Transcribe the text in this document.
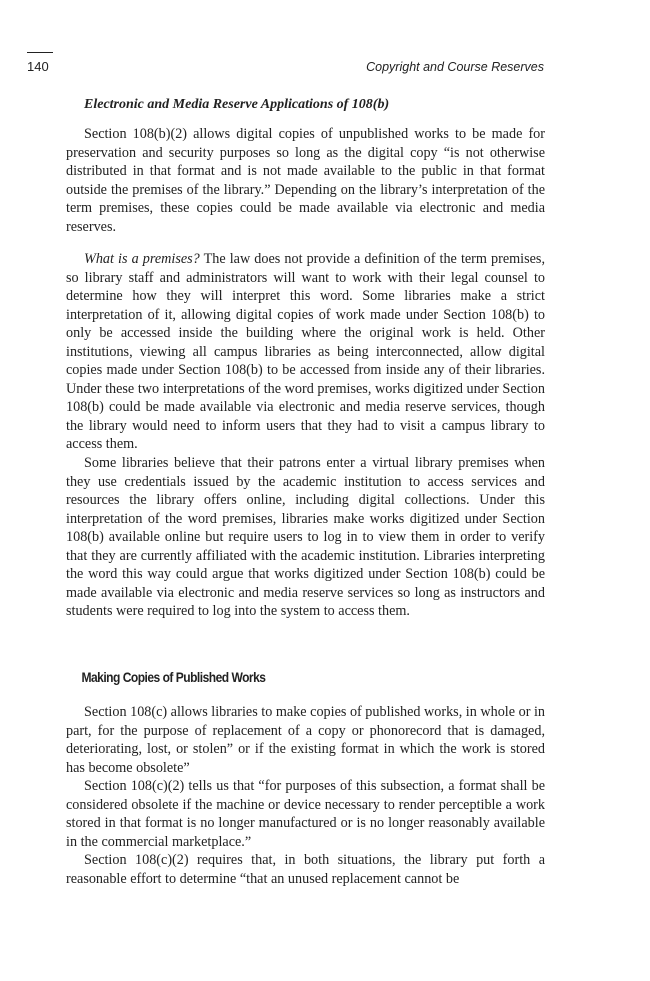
140	Copyright and Course Reserves
Electronic and Media Reserve Applications of 108(b)

Section 108(b)(2) allows digital copies of unpublished works to be made for preservation and security purposes so long as the digital copy “is not otherwise distributed in that format and is not made available to the public in that format outside the premises of the library.” Depending on the library’s interpretation of the term premises, these copies could be made available via electronic and media reserves.

What is a premises? The law does not provide a definition of the term premises, so library staff and administrators will want to work with their legal counsel to determine how they will interpret this word. Some libraries make a strict interpretation of it, allowing digital copies of work made under Section 108(b) to only be accessed inside the building where the original work is held. Other institutions, viewing all campus libraries as being interconnected, allow digital copies made under Section 108(b) to be accessed from inside any of their libraries. Under these two interpretations of the word premises, works digitized under Section 108(b) could be made available via electronic and media reserve services, though the library would need to inform users that they had to visit a campus library to access them.

Some libraries believe that their patrons enter a virtual library premises when they use credentials issued by the academic institution to access services and resources the library offers online, including digital collections. Under this interpretation of the word premises, libraries make works digitized under Section 108(b) available online but require users to log in to view them in order to verify that they are currently affiliated with the academic institution. Libraries interpreting the word this way could argue that works digitized under Section 108(b) could be made available via electronic and media reserve services so long as instructors and students were required to log into the system to access them.

Making Copies of Published Works

Section 108(c) allows libraries to make copies of published works, in whole or in part, for the purpose of replacement of a copy or phonorecord that is damaged, deteriorating, lost, or stolen” or if the existing format in which the work is stored has become obsolete”

Section 108(c)(2) tells us that “for purposes of this subsection, a format shall be considered obsolete if the machine or device necessary to render perceptible a work stored in that format is no longer manufactured or is no longer reasonably available in the commercial marketplace.”

Section 108(c)(2) requires that, in both situations, the library put forth a reasonable effort to determine “that an unused replacement cannot be
